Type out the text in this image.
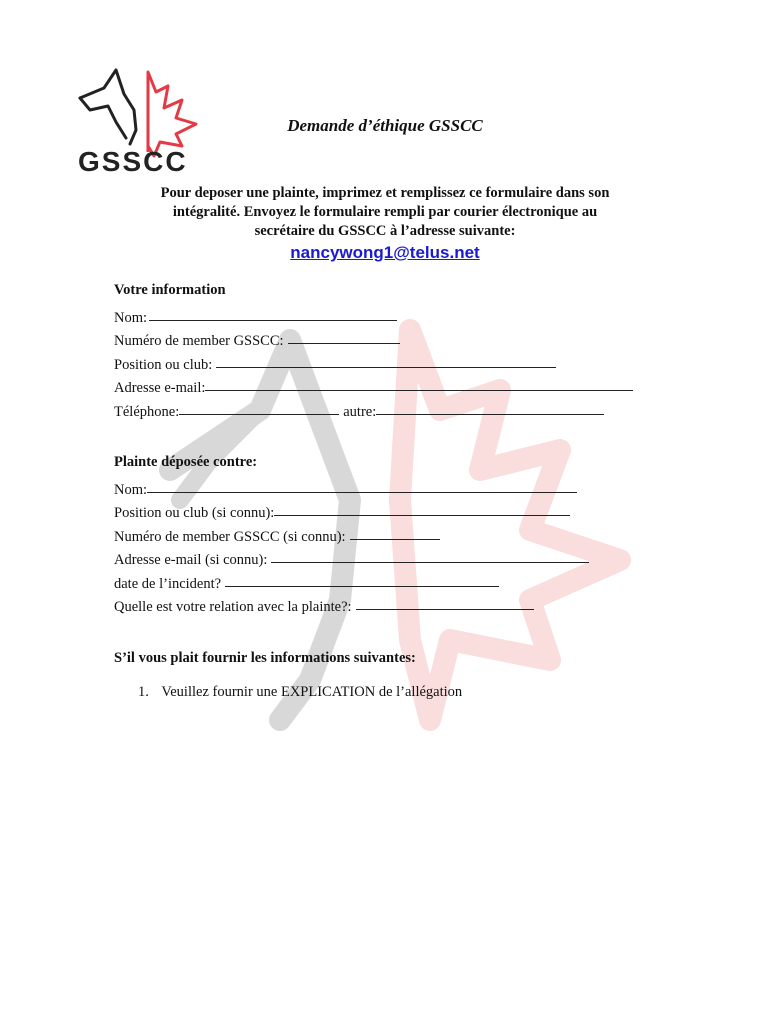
GSSCC
Demande d’éthique GSSCC

Pour deposer une plainte, imprimez et remplissez ce formulaire dans son

intégralité. Envoyez le formulaire rempli par courier électronique au

secrétaire du GSSCC à l’adresse suivante:

nancywong1@telus.net
Votre information
Nom:
Numéro de member GSSCC:
Position ou club:
Adresse e-mail:
Téléphone:	autre:
Plainte déposée contre:
Nom:
Position ou club (si connu):
Numéro de member GSSCC (si connu):
Adresse e-mail (si connu):
date de l’incident?
Quelle est votre relation avec la plainte?:
S’il vous plait fournir les informations suivantes:
1. Veuillez fournir une EXPLICATION de l’allégation
